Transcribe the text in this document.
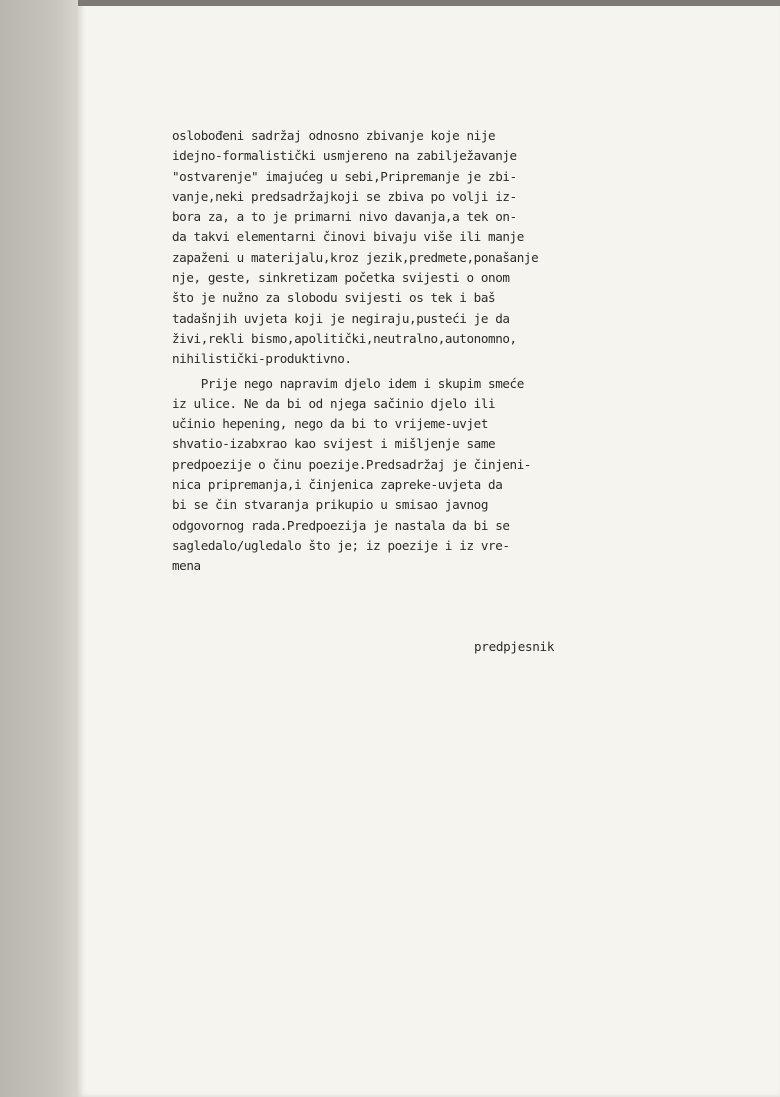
oslobođeni sadržaj odnosno zbivanje koje nije
idejno-formalistički usmjereno na zabilježavanje
"ostvarenje" imajućeg u sebi,Pripremanje je zbi-
vanje,neki predsadržajkoji se zbiva po volji iz-
bora za, a to je primarni nivo davanja,a tek on-
da takvi elementarni činovi bivaju više ili manje
zapaženi u materijalu,kroz jezik,predmete,ponašanje
nje, geste, sinkretizam početka svijesti o onom
što je nužno za slobodu svijesti os tek i baš
tadašnjih uvjeta koji je negiraju,pusteći je da
živi,rekli bismo,apolitički,neutralno,autonomno,
nihilistički-produktivno.
Prije nego napravim djelo idem i skupim smeće
iz ulice. Ne da bi od njega sačinio djelo ili
učinio hepening, nego da bi to vrijeme-uvjet
shvatio-izabxrao kao svijest i mišljenje same
predpoezije o činu poezije.Predsadržaj je činjeni-
nica pripremanja,i činjenica zapreke-uvjeta da
bi se čin stvaranja prikupio u smisao javnog
odgovornog rada.Predpoezija je nastala da bi se
sagledalo/ugledalo što je; iz poezije i iz vre-
mena
predpjesnik
